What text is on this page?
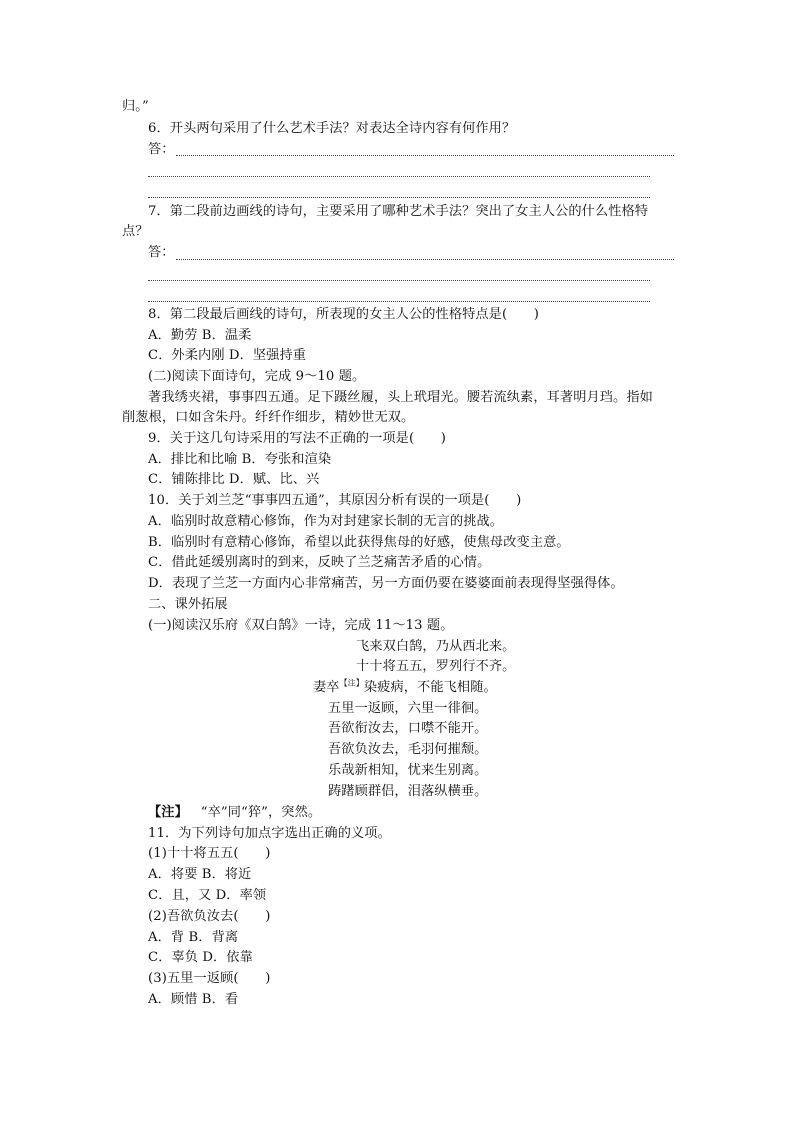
归。”

6．开头两句采用了什么艺术手法？对表达全诗内容有何作用？

答：

7．第二段前边画线的诗句，主要采用了哪种艺术手法？突出了女主人公的什么性格特

点？

答：

8．第二段最后画线的诗句，所表现的女主人公的性格特点是(　　)

A．勤劳 B．温柔

C．外柔内刚 D．坚强持重

(二)阅读下面诗句，完成 9～10 题。

著我绣夹裙，事事四五通。足下蹑丝履，头上玳瑁光。腰若流纨素，耳著明月珰。指如

削葱根，口如含朱丹。纤纤作细步，精妙世无双。

9．关于这几句诗采用的写法不正确的一项是(　　)

A．排比和比喻 B．夸张和渲染

C．铺陈排比 D．赋、比、兴

10．关于刘兰芝“事事四五通”，其原因分析有误的一项是(　　)

A．临别时故意精心修饰，作为对封建家长制的无言的挑战。

B．临别时有意精心修饰，希望以此获得焦母的好感，使焦母改变主意。

C．借此延缓别离时的到来，反映了兰芝痛苦矛盾的心情。

D．表现了兰芝一方面内心非常痛苦，另一方面仍要在婆婆面前表现得坚强得体。

二、课外拓展

(一)阅读汉乐府《双白鹄》一诗，完成 11～13 题。

飞来双白鹄，乃从西北来。

十十将五五，罗列行不齐。

妻卒$^{【注】}$染疲病，不能飞相随。

五里一返顾，六里一徘徊。

吾欲衔汝去，口噤不能开。

吾欲负汝去，毛羽何摧颓。

乐哉新相知，忧来生别离。

踌躇顾群侣，泪落纵横垂。

【注】 “卒”同“猝”，突然。

11．为下列诗句加点字选出正确的义项。

(1)十十将五五(　　)

A．将要 B．将近

C．且，又 D．率领

(2)吾欲负汝去(　　)

A．背 B．背离

C．辜负 D．依靠

(3)五里一返顾(　　)

A．顾惜 B．看
